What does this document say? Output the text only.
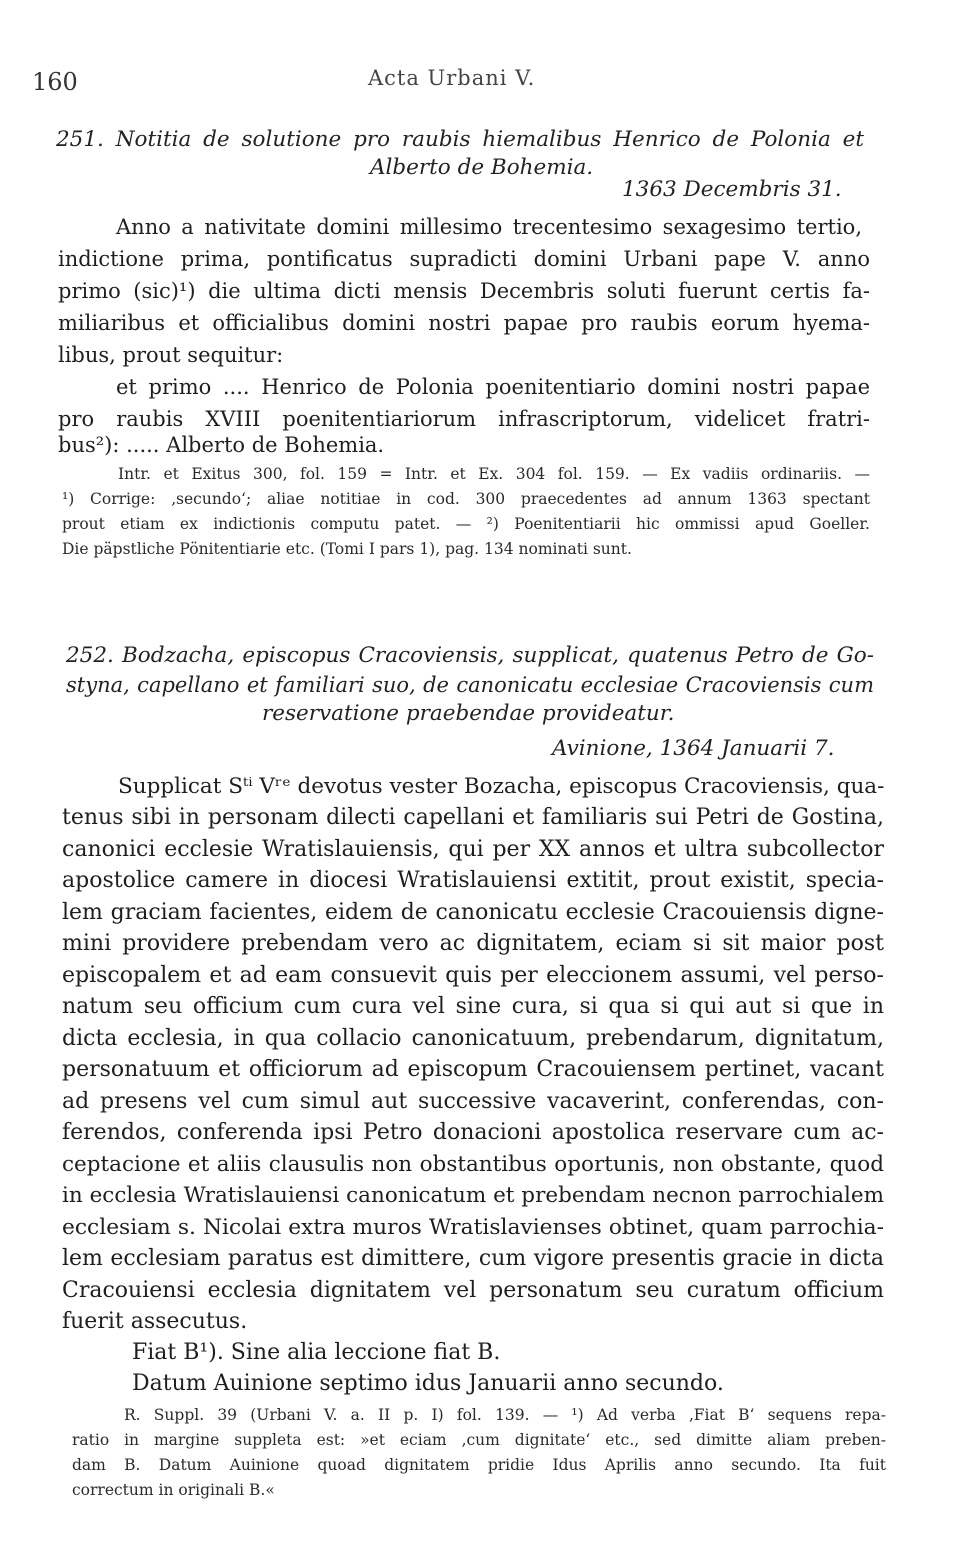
160	Acta Urbani V.
251. Notitia de solutione pro raubis hiemalibus Henrico de Polonia et
Alberto de Bohemia.
1363 Decembris 31.
Anno a nativitate domini millesimo trecentesimo sexagesimo tertio,
indictione prima, pontificatus supradicti domini Urbani pape V. anno
primo (sic)¹) die ultima dicti mensis Decembris soluti fuerunt certis fa-
miliaribus et officialibus domini nostri papae pro raubis eorum hyema-
libus, prout sequitur:
et primo .... Henrico de Polonia poenitentiario domini nostri papae
pro raubis XVIII poenitentiariorum infrascriptorum, videlicet fratri-
bus²): ..... Alberto de Bohemia.
Intr. et Exitus 300, fol. 159 = Intr. et Ex. 304 fol. 159. — Ex vadiis ordinariis. —
¹) Corrige: ‚secundo‘; aliae notitiae in cod. 300 praecedentes ad annum 1363 spectant
prout etiam ex indictionis computu patet. — ²) Poenitentiarii hic ommissi apud Goeller.
Die päpstliche Pönitentiarie etc. (Tomi I pars 1), pag. 134 nominati sunt.
252. Bodzacha, episcopus Cracoviensis, supplicat, quatenus Petro de Go-
styna, capellano et familiari suo, de canonicatu ecclesiae Cracoviensis cum
reservatione praebendae provideatur.
Avinione, 1364 Januarii 7.
Supplicat Sᵗⁱ Vʳᵉ devotus vester Bozacha, episcopus Cracoviensis, qua-
tenus sibi in personam dilecti capellani et familiaris sui Petri de Gostina,
canonici ecclesie Wratislauiensis, qui per XX annos et ultra subcollector
apostolice camere in diocesi Wratislauiensi extitit, prout existit, specia-
lem graciam facientes, eidem de canonicatu ecclesie Cracouiensis digne-
mini providere prebendam vero ac dignitatem, eciam si sit maior post
episcopalem et ad eam consuevit quis per eleccionem assumi, vel perso-
natum seu officium cum cura vel sine cura, si qua si qui aut si que in
dicta ecclesia, in qua collacio canonicatuum, prebendarum, dignitatum,
personatuum et officiorum ad episcopum Cracouiensem pertinet, vacant
ad presens vel cum simul aut successive vacaverint, conferendas, con-
ferendos, conferenda ipsi Petro donacioni apostolica reservare cum ac-
ceptacione et aliis clausulis non obstantibus oportunis, non obstante, quod
in ecclesia Wratislauiensi canonicatum et prebendam necnon parrochialem
ecclesiam s. Nicolai extra muros Wratislavienses obtinet, quam parrochia-
lem ecclesiam paratus est dimittere, cum vigore presentis gracie in dicta
Cracouiensi ecclesia dignitatem vel personatum seu curatum officium
fuerit assecutus.
Fiat B¹). Sine alia leccione fiat B.
Datum Auinione septimo idus Januarii anno secundo.
R. Suppl. 39 (Urbani V. a. II p. I) fol. 139. — ¹) Ad verba ‚Fiat B‘ sequens repa-
ratio in margine suppleta est: »et eciam ‚cum dignitate‘ etc., sed dimitte aliam preben-
dam B. Datum Auinione quoad dignitatem pridie Idus Aprilis anno secundo. Ita fuit
correctum in originali B.«
